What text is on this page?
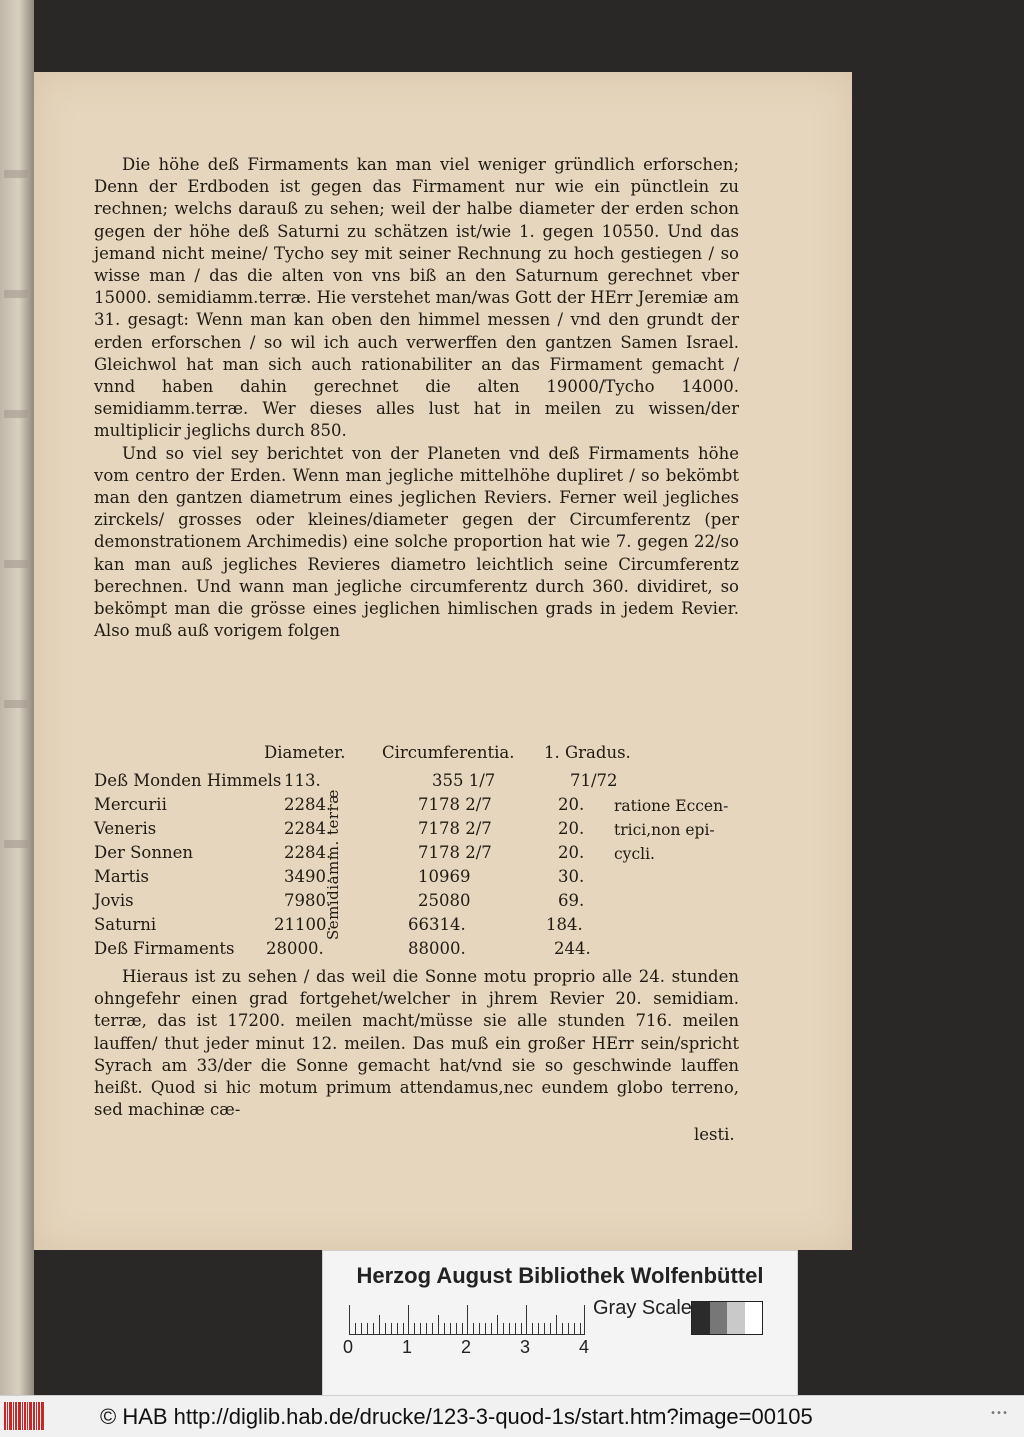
Die höhe deß Firmaments kan man viel weniger gründlich erforschen; Denn der Erdboden ist gegen das Firmament nur wie ein pünctlein zu rechnen; welchs darauß zu sehen; weil der halbe diameter der erden schon gegen der höhe deß Saturni zu schätzen ist/wie 1. gegen 10550. Und das jemand nicht meine/ Tycho sey mit seiner Rechnung zu hoch gestiegen / so wisse man / das die alten von vns biß an den Saturnum gerechnet vber 15000. semidiamm.terræ. Hie verstehet man/was Gott der HErr Jeremiæ am 31. gesagt: Wenn man kan oben den himmel messen / vnd den grundt der erden erforschen / so wil ich auch verwerffen den gantzen Samen Israel. Gleichwol hat man sich auch rationabiliter an das Firmament gemacht / vnnd haben dahin gerechnet die alten 19000/Tycho 14000. semidiamm.terræ. Wer dieses alles lust hat in meilen zu wissen/der multiplicir jeglichs durch 850.

Und so viel sey berichtet von der Planeten vnd deß Firmaments höhe vom centro der Erden. Wenn man jegliche mittelhöhe dupliret / so bekömbt man den gantzen diametrum eines jeglichen Reviers. Ferner weil jegliches zirckels/ grosses oder kleines/diameter gegen der Circumferentz (per demonstrationem Archimedis) eine solche proportion hat wie 7. gegen 22/so kan man auß jegliches Revieres diametro leichtlich seine Circumferentz berechnen. Und wann man jegliche circumferentz durch 360. dividiret, so bekömpt man die grösse eines jeglichen himlischen grads in jedem Revier. Also muß auß vorigem folgen

Diameter. Circumferentia. 1. Gradus.
Semidiamm. terræ
Deß Monden Himmels 113.	355 1/7	71/72
Mercurii	2284.	7178 2/7	20.
Veneris	2284.	7178 2/7	20.
Der Sonnen	2284.	7178 2/7	20.
Martis	3490.	10969	30.
Jovis	7980.	25080	69.
Saturni	21100.	66314.	184.
Deß Firmaments 28000.	88000.	244.
ratione Eccen- trici,non epi- cycli.

Hieraus ist zu sehen / das weil die Sonne motu proprio alle 24. stunden ohngefehr einen grad fortgehet/welcher in jhrem Revier 20. semidiam. terræ, das ist 17200. meilen macht/müsse sie alle stunden 716. meilen lauffen/ thut jeder minut 12. meilen. Das muß ein großer HErr sein/spricht Syrach am 33/der die Sonne gemacht hat/vnd sie so geschwinde lauffen heißt. Quod si hic motum primum attendamus,nec eundem globo terreno, sed machinæ cæ-

lesti.
Herzog August Bibliothek Wolfenbüttel
0	1	2	3	4
Gray Scale
© HAB http://diglib.hab.de/drucke/123-3-quod-1s/start.htm?image=00105	•••
